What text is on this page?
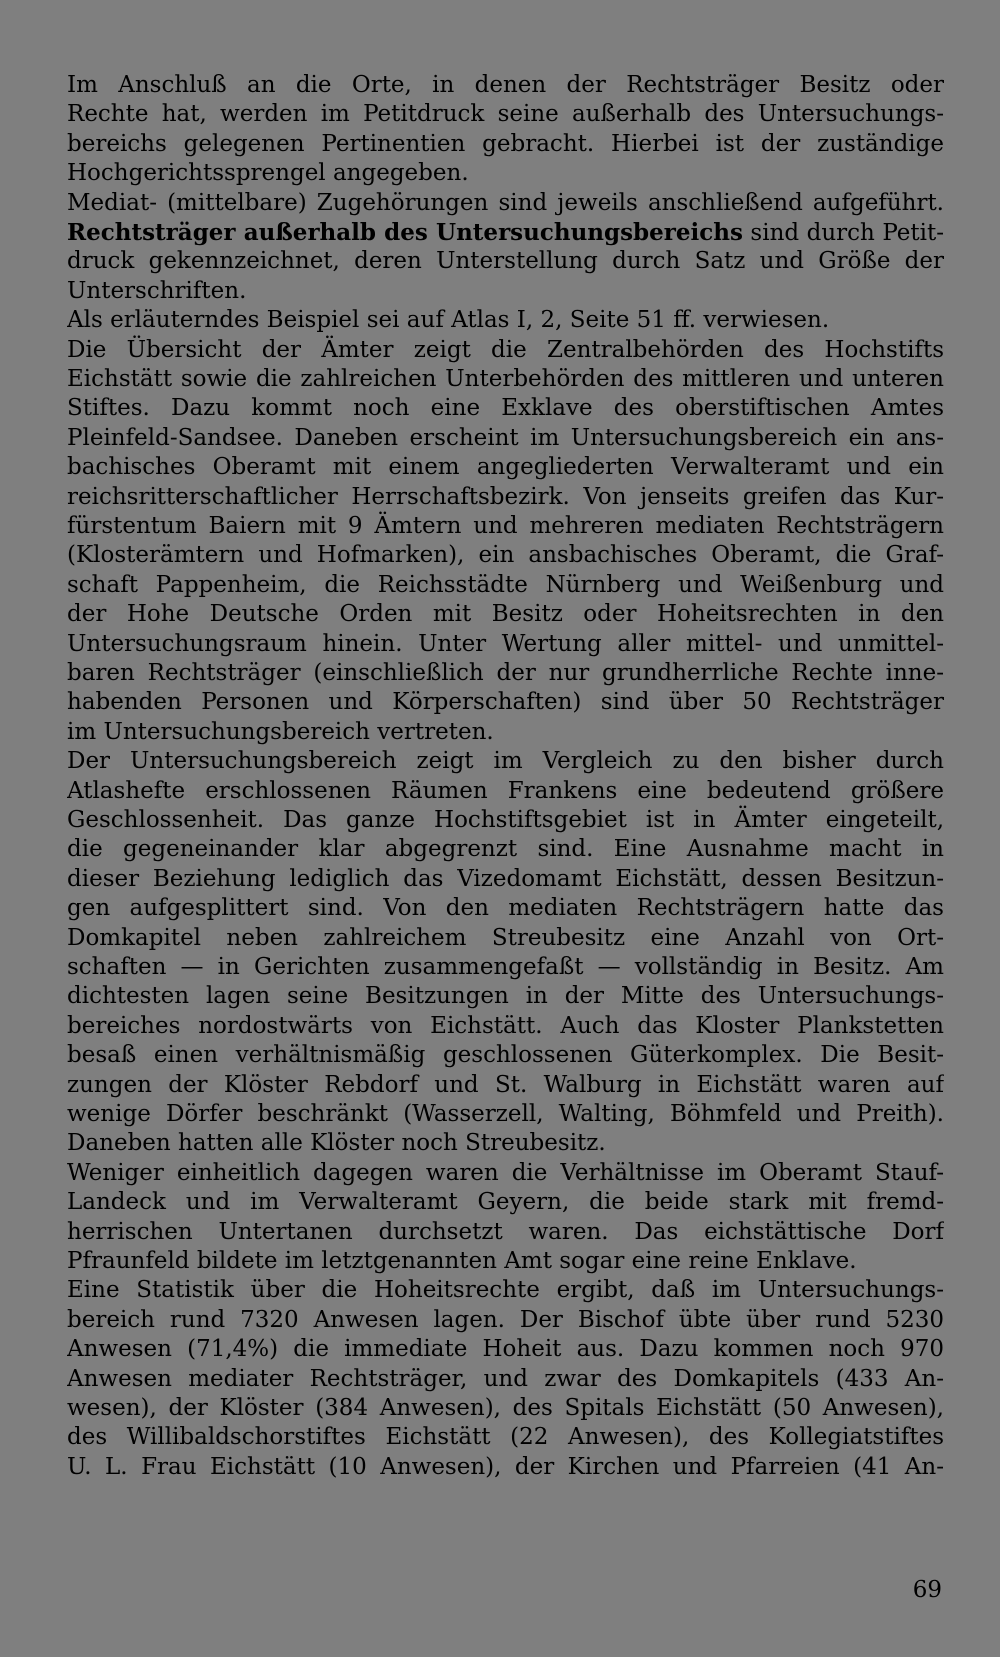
Im Anschluß an die Orte, in denen der Rechtsträger Besitz oder
Rechte hat, werden im Petitdruck seine außerhalb des Untersuchungs-
bereichs gelegenen Pertinentien gebracht. Hierbei ist der zuständige
Hochgerichtssprengel angegeben.
Mediat- (mittelbare) Zugehörungen sind jeweils anschließend aufgeführt.
Rechtsträger außerhalb des Untersuchungsbereichs sind durch Petit-
druck gekennzeichnet, deren Unterstellung durch Satz und Größe der
Unterschriften.
Als erläuterndes Beispiel sei auf Atlas I, 2, Seite 51 ff. verwiesen.
Die Übersicht der Ämter zeigt die Zentralbehörden des Hochstifts
Eichstätt sowie die zahlreichen Unterbehörden des mittleren und unteren
Stiftes. Dazu kommt noch eine Exklave des oberstiftischen Amtes
Pleinfeld-Sandsee. Daneben erscheint im Untersuchungsbereich ein ans-
bachisches Oberamt mit einem angegliederten Verwalteramt und ein
reichsritterschaftlicher Herrschaftsbezirk. Von jenseits greifen das Kur-
fürstentum Baiern mit 9 Ämtern und mehreren mediaten Rechtsträgern
(Klosterämtern und Hofmarken), ein ansbachisches Oberamt, die Graf-
schaft Pappenheim, die Reichsstädte Nürnberg und Weißenburg und
der Hohe Deutsche Orden mit Besitz oder Hoheitsrechten in den
Untersuchungsraum hinein. Unter Wertung aller mittel- und unmittel-
baren Rechtsträger (einschließlich der nur grundherrliche Rechte inne-
habenden Personen und Körperschaften) sind über 50 Rechtsträger
im Untersuchungsbereich vertreten.
Der Untersuchungsbereich zeigt im Vergleich zu den bisher durch
Atlashefte erschlossenen Räumen Frankens eine bedeutend größere
Geschlossenheit. Das ganze Hochstiftsgebiet ist in Ämter eingeteilt,
die gegeneinander klar abgegrenzt sind. Eine Ausnahme macht in
dieser Beziehung lediglich das Vizedomamt Eichstätt, dessen Besitzun-
gen aufgesplittert sind. Von den mediaten Rechtsträgern hatte das
Domkapitel neben zahlreichem Streubesitz eine Anzahl von Ort-
schaften — in Gerichten zusammengefaßt — vollständig in Besitz. Am
dichtesten lagen seine Besitzungen in der Mitte des Untersuchungs-
bereiches nordostwärts von Eichstätt. Auch das Kloster Plankstetten
besaß einen verhältnismäßig geschlossenen Güterkomplex. Die Besit-
zungen der Klöster Rebdorf und St. Walburg in Eichstätt waren auf
wenige Dörfer beschränkt (Wasserzell, Walting, Böhmfeld und Preith).
Daneben hatten alle Klöster noch Streubesitz.
Weniger einheitlich dagegen waren die Verhältnisse im Oberamt Stauf-
Landeck und im Verwalteramt Geyern, die beide stark mit fremd-
herrischen Untertanen durchsetzt waren. Das eichstättische Dorf
Pfraunfeld bildete im letztgenannten Amt sogar eine reine Enklave.
Eine Statistik über die Hoheitsrechte ergibt, daß im Untersuchungs-
bereich rund 7320 Anwesen lagen. Der Bischof übte über rund 5230
Anwesen (71,4%) die immediate Hoheit aus. Dazu kommen noch 970
Anwesen mediater Rechtsträger, und zwar des Domkapitels (433 An-
wesen), der Klöster (384 Anwesen), des Spitals Eichstätt (50 Anwesen),
des Willibaldschorstiftes Eichstätt (22 Anwesen), des Kollegiatstiftes
U. L. Frau Eichstätt (10 Anwesen), der Kirchen und Pfarreien (41 An-
69
